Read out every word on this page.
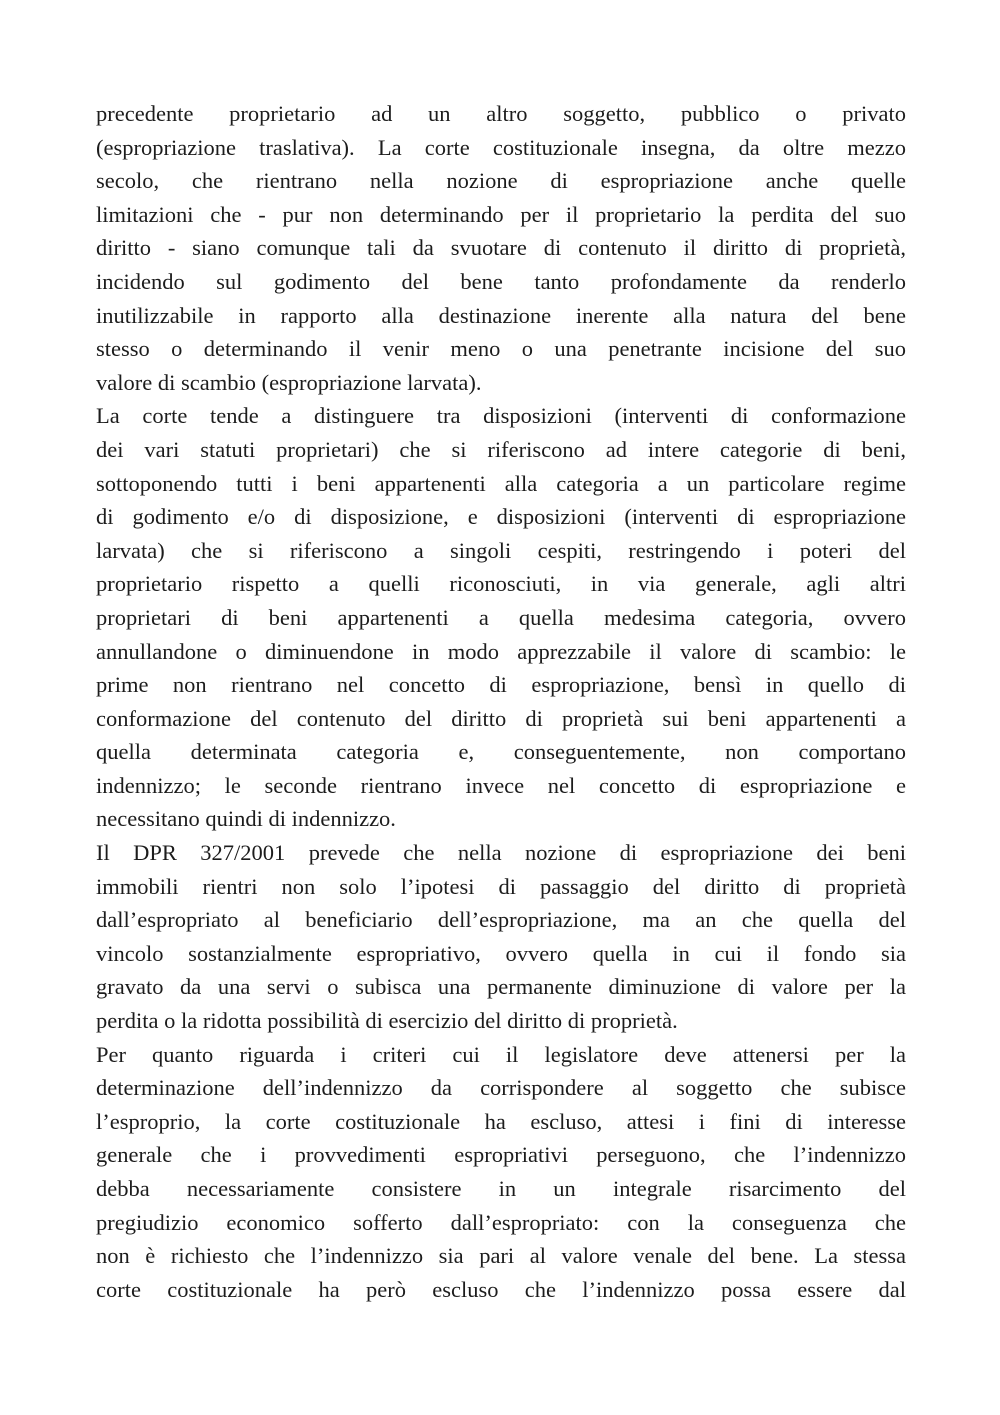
precedente proprietario ad un altro soggetto, pubblico o privato
(espropriazione traslativa). La corte costituzionale insegna, da oltre mezzo
secolo, che rientrano nella nozione di espropriazione anche quelle
limitazioni che - pur non determinando per il proprietario la perdita del suo
diritto - siano comunque tali da svuotare di contenuto il diritto di proprietà,
incidendo sul godimento del bene tanto profondamente da renderlo
inutilizzabile in rapporto alla destinazione inerente alla natura del bene
stesso o determinando il venir meno o una penetrante incisione del suo
valore di scambio (espropriazione larvata).
La corte tende a distinguere tra disposizioni (interventi di conformazione
dei vari statuti proprietari) che si riferiscono ad intere categorie di beni,
sottoponendo tutti i beni appartenenti alla categoria a un particolare regime
di godimento e/o di disposizione, e disposizioni (interventi di espropriazione
larvata) che si riferiscono a singoli cespiti, restringendo i poteri del
proprietario rispetto a quelli riconosciuti, in via generale, agli altri
proprietari di beni appartenenti a quella medesima categoria, ovvero
annullandone o diminuendone in modo apprezzabile il valore di scambio: le
prime non rientrano nel concetto di espropriazione, bensì in quello di
conformazione del contenuto del diritto di proprietà sui beni appartenenti a
quella determinata categoria e, conseguentemente, non comportano
indennizzo; le seconde rientrano invece nel concetto di espropriazione e
necessitano quindi di indennizzo.
Il DPR 327/2001 prevede che nella nozione di espropriazione dei beni
immobili rientri non solo l’ipotesi di passaggio del diritto di proprietà
dall’espropriato al beneficiario dell’espropriazione, ma an che quella del
vincolo sostanzialmente espropriativo, ovvero quella in cui il fondo sia
gravato da una servi o subisca una permanente diminuzione di valore per la
perdita o la ridotta possibilità di esercizio del diritto di proprietà.
Per quanto riguarda i criteri cui il legislatore deve attenersi per la
determinazione dell’indennizzo da corrispondere al soggetto che subisce
l’esproprio, la corte costituzionale ha escluso, attesi i fini di interesse
generale che i provvedimenti espropriativi perseguono, che l’indennizzo
debba necessariamente consistere in un integrale risarcimento del
pregiudizio economico sofferto dall’espropriato: con la conseguenza che
non è richiesto che l’indennizzo sia pari al valore venale del bene. La stessa
corte costituzionale ha però escluso che l’indennizzo possa essere dal
